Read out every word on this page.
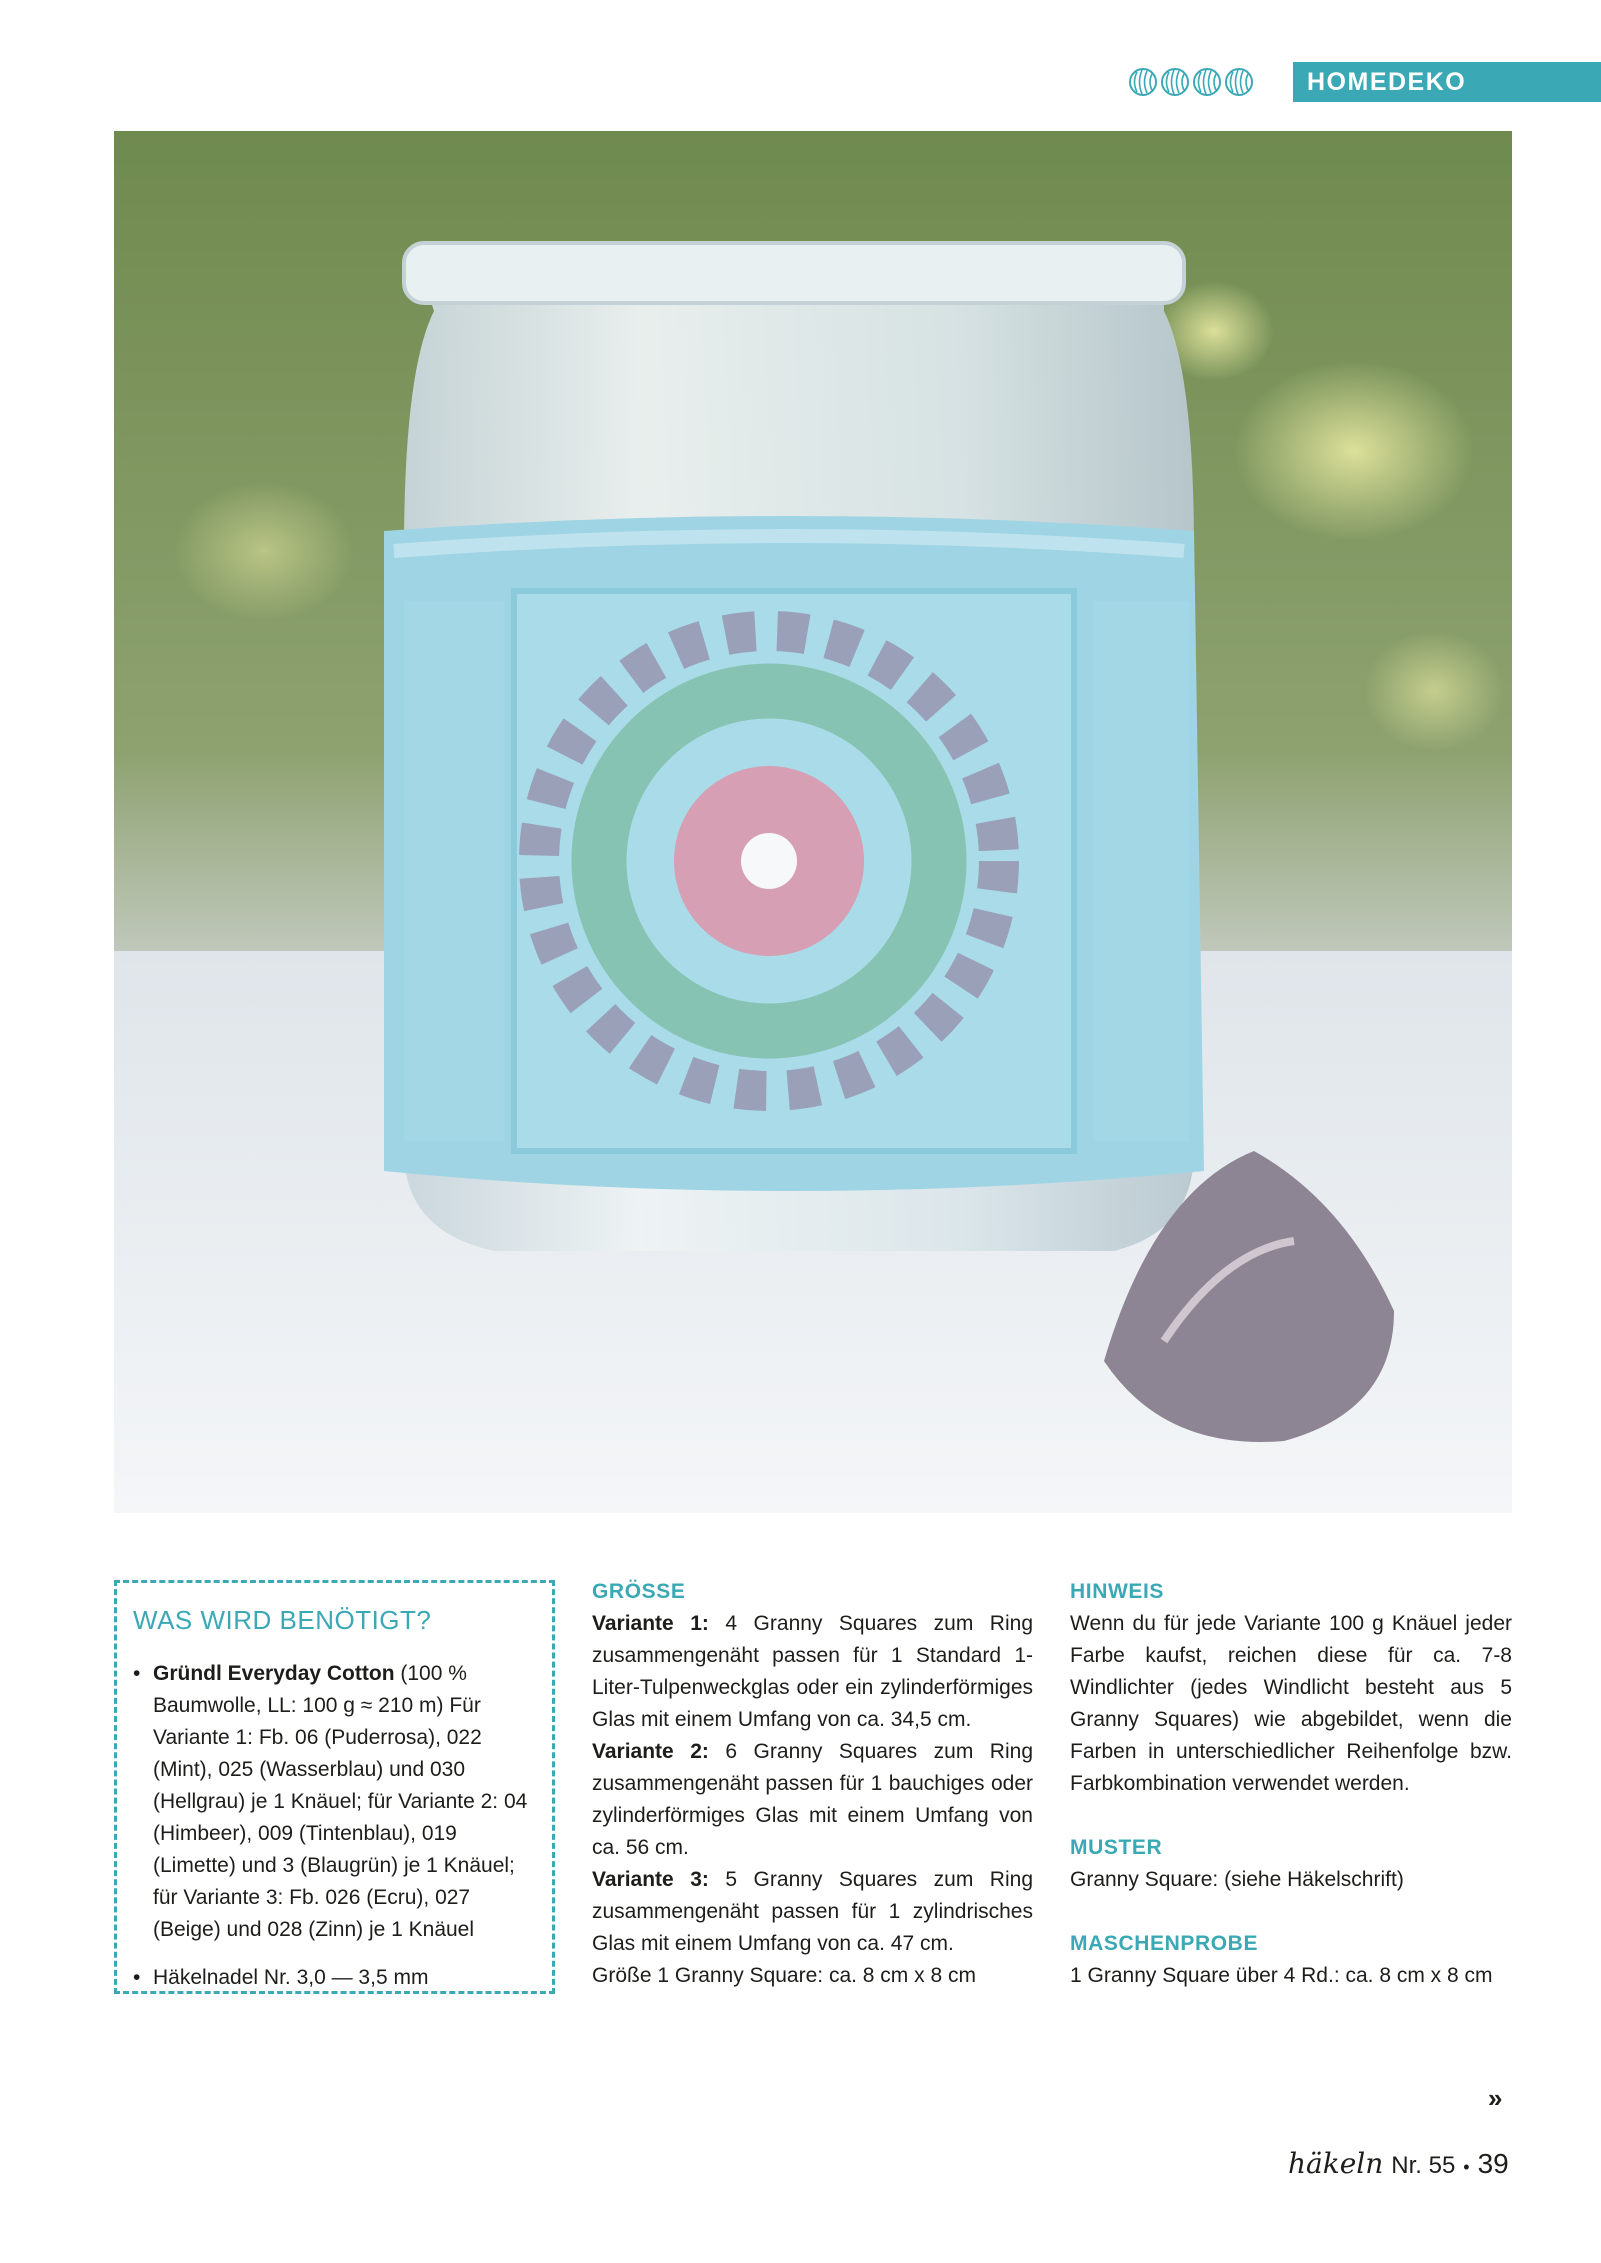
HOMEDEKO
WAS WIRD BENÖTIGT?
• Gründl Everyday Cotton (100 % Baumwolle, LL: 100 g ≈ 210 m) Für Variante 1: Fb. 06 (Puderrosa), 022 (Mint), 025 (Wasserblau) und 030 (Hellgrau) je 1 Knäuel; für Variante 2: 04 (Himbeer), 009 (Tintenblau), 019 (Limette) und 3 (Blaugrün) je 1 Knäuel; für Variante 3: Fb. 026 (Ecru), 027 (Beige) und 028 (Zinn) je 1 Knäuel
• Häkelnadel Nr. 3,0 — 3,5 mm
GRÖSSE

Variante 1: 4 Granny Squares zum Ring zusammengenäht passen für 1 Standard 1-Liter-Tulpenweckglas oder ein zylinderförmiges Glas mit einem Umfang von ca. 34,5 cm.

Variante 2: 6 Granny Squares zum Ring zusammengenäht passen für 1 bauchiges oder zylinderförmiges Glas mit einem Umfang von ca. 56 cm.

Variante 3: 5 Granny Squares zum Ring zusammengenäht passen für 1 zylindrisches Glas mit einem Umfang von ca. 47 cm.

Größe 1 Granny Square: ca. 8 cm x 8 cm

HINWEIS

Wenn du für jede Variante 100 g Knäuel jeder Farbe kaufst, reichen diese für ca. 7-8 Windlichter (jedes Windlicht besteht aus 5 Granny Squares) wie abgebildet, wenn die Farben in unterschiedlicher Reihenfolge bzw. Farbkombination verwendet werden.

MUSTER

Granny Square: (siehe Häkelschrift)

MASCHENPROBE

1 Granny Square über 4 Rd.: ca. 8 cm x 8 cm

»
häkeln Nr. 55 • 39
